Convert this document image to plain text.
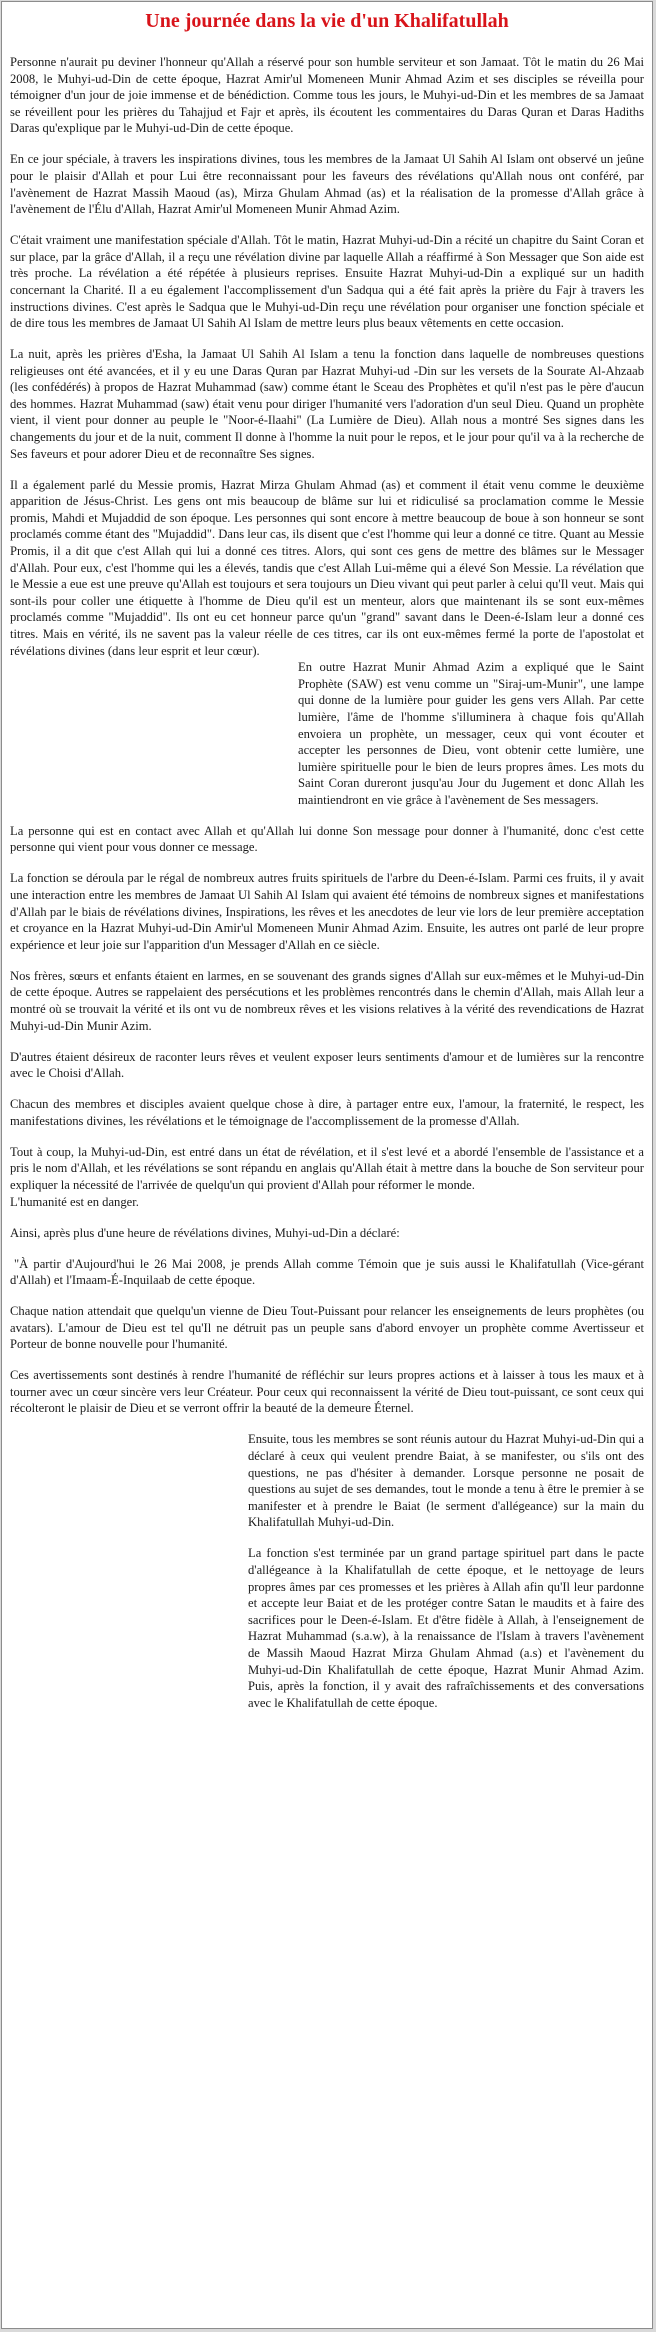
Une journée dans la vie d'un Khalifatullah

Personne n'aurait pu deviner l'honneur qu'Allah a réservé pour son humble serviteur et son Jamaat. Tôt le matin du 26 Mai 2008, le Muhyi-ud-Din de cette époque, Hazrat Amir'ul Momeneen Munir Ahmad Azim et ses disciples se réveilla pour témoigner d'un jour de joie immense et de bénédiction. Comme tous les jours, le Muhyi-ud-Din et les membres de sa Jamaat se réveillent pour les prières du Tahajjud et Fajr et après, ils écoutent les commentaires du Daras Quran et Daras Hadiths Daras qu'explique par le Muhyi-ud-Din de cette époque.

En ce jour spéciale, à travers les inspirations divines, tous les membres de la Jamaat Ul Sahih Al Islam ont observé un jeûne pour le plaisir d'Allah et pour Lui être reconnaissant pour les faveurs des révélations qu'Allah nous ont conféré, par l'avènement de Hazrat Massih Maoud (as), Mirza Ghulam Ahmad (as) et la réalisation de la promesse d'Allah grâce à l'avènement de l'Élu d'Allah, Hazrat Amir'ul Momeneen Munir Ahmad Azim.

C'était vraiment une manifestation spéciale d'Allah. Tôt le matin, Hazrat Muhyi-ud-Din a récité un chapitre du Saint Coran et sur place, par la grâce d'Allah, il a reçu une révélation divine par laquelle Allah a réaffirmé à Son Messager que Son aide est très proche. La révélation a été répétée à plusieurs reprises. Ensuite Hazrat Muhyi-ud-Din a expliqué sur un hadith concernant la Charité. Il a eu également l'accomplissement d'un Sadqua qui a été fait après la prière du Fajr à travers les instructions divines. C'est après le Sadqua que le Muhyi-ud-Din reçu une révélation pour organiser une fonction spéciale et de dire tous les membres de Jamaat Ul Sahih Al Islam de mettre leurs plus beaux vêtements en cette occasion.

La nuit, après les prières d'Esha, la Jamaat Ul Sahih Al Islam a tenu la fonction dans laquelle de nombreuses questions religieuses ont été avancées, et il y eu une Daras Quran par Hazrat Muhyi-ud -Din sur les versets de la Sourate Al-Ahzaab (les confédérés) à propos de Hazrat Muhammad (saw) comme étant le Sceau des Prophètes et qu'il n'est pas le père d'aucun des hommes. Hazrat Muhammad (saw) était venu pour diriger l'humanité vers l'adoration d'un seul Dieu. Quand un prophète vient, il vient pour donner au peuple le "Noor-é-Ilaahi" (La Lumière de Dieu). Allah nous a montré Ses signes dans les changements du jour et de la nuit, comment Il donne à l'homme la nuit pour le repos, et le jour pour qu'il va à la recherche de Ses faveurs et pour adorer Dieu et de reconnaître Ses signes.

Il a également parlé du Messie promis, Hazrat Mirza Ghulam Ahmad (as) et comment il était venu comme le deuxième apparition de Jésus-Christ. Les gens ont mis beaucoup de blâme sur lui et ridiculisé sa proclamation comme le Messie promis, Mahdi et Mujaddid de son époque. Les personnes qui sont encore à mettre beaucoup de boue à son honneur se sont proclamés comme étant des "Mujaddid". Dans leur cas, ils disent que c'est l'homme qui leur a donné ce titre. Quant au Messie Promis, il a dit que c'est Allah qui lui a donné ces titres. Alors, qui sont ces gens de mettre des blâmes sur le Messager d'Allah. Pour eux, c'est l'homme qui les a élevés, tandis que c'est Allah Lui-même qui a élevé Son Messie. La révélation que le Messie a eue est une preuve qu'Allah est toujours et sera toujours un Dieu vivant qui peut parler à celui qu'Il veut. Mais qui sont-ils pour coller une étiquette à l'homme de Dieu qu'il est un menteur, alors que maintenant ils se sont eux-mêmes proclamés comme "Mujaddid". Ils ont eu cet honneur parce qu'un "grand" savant dans le Deen-é-Islam leur a donné ces titres. Mais en vérité, ils ne savent pas la valeur réelle de ces titres, car ils ont eux-mêmes fermé la porte de l'apostolat et révélations divines (dans leur esprit et leur cœur).

En outre Hazrat Munir Ahmad Azim a expliqué que le Saint Prophète (SAW) est venu comme un "Siraj-um-Munir", une lampe qui donne de la lumière pour guider les gens vers Allah. Par cette lumière, l'âme de l'homme s'illuminera à chaque fois qu'Allah envoiera un prophète, un messager, ceux qui vont écouter et accepter les personnes de Dieu, vont obtenir cette lumière, une lumière spirituelle pour le bien de leurs propres âmes. Les mots du Saint Coran dureront jusqu'au Jour du Jugement et donc Allah les maintiendront en vie grâce à l'avènement de Ses messagers.

La personne qui est en contact avec Allah et qu'Allah lui donne Son message pour donner à l'humanité, donc c'est cette personne qui vient pour vous donner ce message.

La fonction se déroula par le régal de nombreux autres fruits spirituels de l'arbre du Deen-é-Islam. Parmi ces fruits, il y avait une interaction entre les membres de Jamaat Ul Sahih Al Islam qui avaient été témoins de nombreux signes et manifestations d'Allah par le biais de révélations divines, Inspirations, les rêves et les anecdotes de leur vie lors de leur première acceptation et croyance en la Hazrat Muhyi-ud-Din Amir'ul Momeneen Munir Ahmad Azim. Ensuite, les autres ont parlé de leur propre expérience et leur joie sur l'apparition d'un Messager d'Allah en ce siècle.

Nos frères, sœurs et enfants étaient en larmes, en se souvenant des grands signes d'Allah sur eux-mêmes et le Muhyi-ud-Din de cette époque. Autres se rappelaient des persécutions et les problèmes rencontrés dans le chemin d'Allah, mais Allah leur a montré où se trouvait la vérité et ils ont vu de nombreux rêves et les visions relatives à la vérité des revendications de Hazrat Muhyi-ud-Din Munir Azim.

D'autres étaient désireux de raconter leurs rêves et veulent exposer leurs sentiments d'amour et de lumières sur la rencontre avec le Choisi d'Allah.

Chacun des membres et disciples avaient quelque chose à dire, à partager entre eux, l'amour, la fraternité, le respect, les manifestations divines, les révélations et le témoignage de l'accomplissement de la promesse d'Allah.

Tout à coup, la Muhyi-ud-Din, est entré dans un état de révélation, et il s'est levé et a abordé l'ensemble de l'assistance et a pris le nom d'Allah, et les révélations se sont répandu en anglais qu'Allah était à mettre dans la bouche de Son serviteur pour expliquer la nécessité de l'arrivée de quelqu'un qui provient d'Allah pour réformer le monde.

L'humanité est en danger.

Ainsi, après plus d'une heure de révélations divines, Muhyi-ud-Din a déclaré:

"À partir d'Aujourd'hui le 26 Mai 2008, je prends Allah comme Témoin que je suis aussi le Khalifatullah (Vice-gérant d'Allah) et l'Imaam-É-Inquilaab de cette époque.

Chaque nation attendait que quelqu'un vienne de Dieu Tout-Puissant pour relancer les enseignements de leurs prophètes (ou avatars). L'amour de Dieu est tel qu'Il ne détruit pas un peuple sans d'abord envoyer un prophète comme Avertisseur et Porteur de bonne nouvelle pour l'humanité.

Ces avertissements sont destinés à rendre l'humanité de réfléchir sur leurs propres actions et à laisser à tous les maux et à tourner avec un cœur sincère vers leur Créateur. Pour ceux qui reconnaissent la vérité de Dieu tout-puissant, ce sont ceux qui récolteront le plaisir de Dieu et se verront offrir la beauté de la demeure Éternel.

Ensuite, tous les membres se sont réunis autour du Hazrat Muhyi-ud-Din qui a déclaré à ceux qui veulent prendre Baiat, à se manifester, ou s'ils ont des questions, ne pas d'hésiter à demander. Lorsque personne ne posait de questions au sujet de ses demandes, tout le monde a tenu à être le premier à se manifester et à prendre le Baiat (le serment d'allégeance) sur la main du Khalifatullah Muhyi-ud-Din.

La fonction s'est terminée par un grand partage spirituel part dans le pacte d'allégeance à la Khalifatullah de cette époque, et le nettoyage de leurs propres âmes par ces promesses et les prières à Allah afin qu'Il leur pardonne et accepte leur Baiat et de les protéger contre Satan le maudits et à faire des sacrifices pour le Deen-é-Islam. Et d'être fidèle à Allah, à l'enseignement de Hazrat Muhammad (s.a.w), à la renaissance de l'Islam à travers l'avènement de Massih Maoud Hazrat Mirza Ghulam Ahmad (a.s) et l'avènement du Muhyi-ud-Din Khalifatullah de cette époque, Hazrat Munir Ahmad Azim. Puis, après la fonction, il y avait des rafraîchissements et des conversations avec le Khalifatullah de cette époque.
